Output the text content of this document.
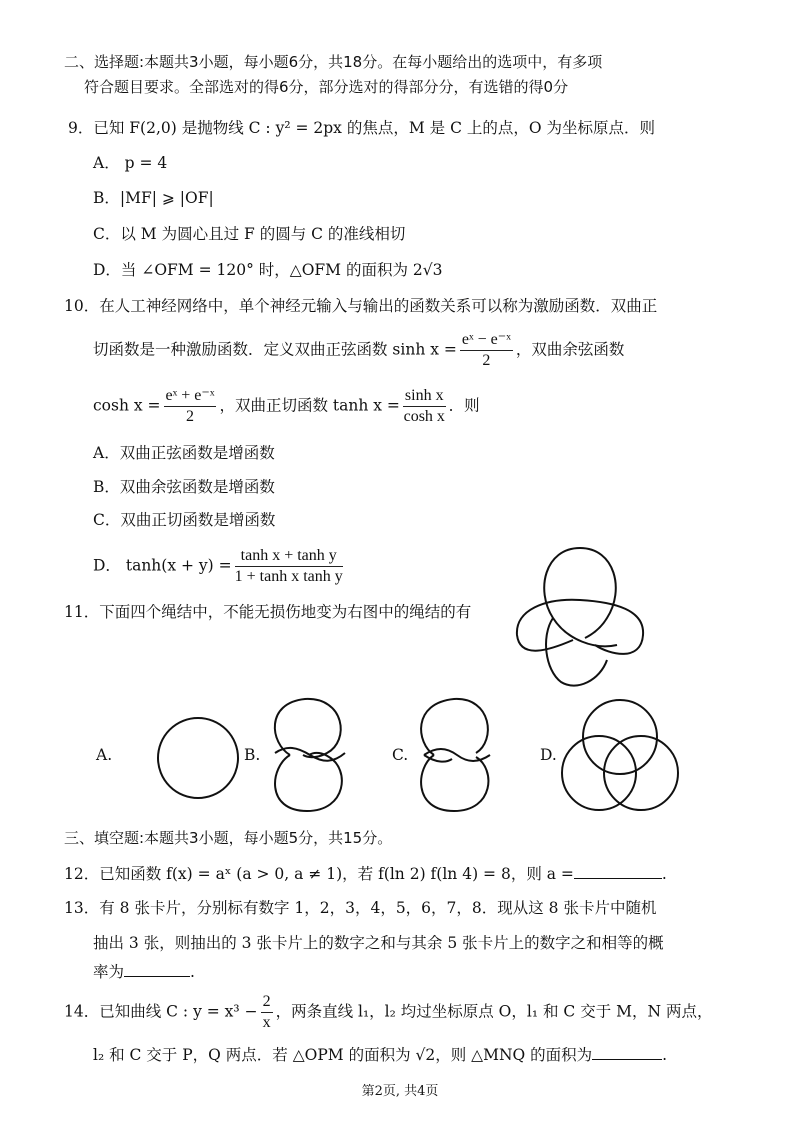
二、选择题:本题共3小题，每小题6分，共18分。在每小题给出的选项中，有多项
符合题目要求。全部选对的得6分，部分选对的得部分分，有选错的得0分
9．已知 F(2,0) 是抛物线 C : y² = 2px 的焦点，M 是 C 上的点，O 为坐标原点．则
A． p = 4
B．|MF| ⩾ |OF|
C．以 M 为圆心且过 F 的圆与 C 的准线相切
D．当 ∠OFM = 120° 时，△OFM 的面积为 2√3
10．在人工神经网络中，单个神经元输入与输出的函数关系可以称为激励函数．双曲正
切函数是一种激励函数．定义双曲正弦函数 $\sinh x = \frac{\text{eˣ − e⁻ˣ}}{2}$ ，双曲余弦函数
$\cosh x = \frac{\text{eˣ + e⁻ˣ}}{2}$ ，双曲正切函数 $\tanh x = \frac{\text{sinh x}}{\text{cosh x}}$ ．则
A．双曲正弦函数是增函数
B．双曲余弦函数是增函数
C．双曲正切函数是增函数
D． $\tanh(x + y) = \frac{\text{tanh x + tanh y}}{\text{1 + tanh x tanh y}}$
11．下面四个绳结中，不能无损伤地变为右图中的绳结的有
A.	B.	C.	D.
三、填空题:本题共3小题，每小题5分，共15分。
12．已知函数 f(x) = aˣ (a > 0, a ≠ 1)，若 f(ln 2) f(ln 4) = 8，则 a =	.
13．有 8 张卡片，分别标有数字 1，2，3，4，5，6，7，8．现从这 8 张卡片中随机
抽出 3 张，则抽出的 3 张卡片上的数字之和与其余 5 张卡片上的数字之和相等的概
率为	.
14．已知曲线 C : $y = x^3 - \frac{2}{x}$ ，两条直线 l₁，l₂ 均过坐标原点 O，l₁ 和 C 交于 M，N 两点，
l₂ 和 C 交于 P，Q 两点．若 △OPM 的面积为 √2，则 △MNQ 的面积为	.
第2页, 共4页
